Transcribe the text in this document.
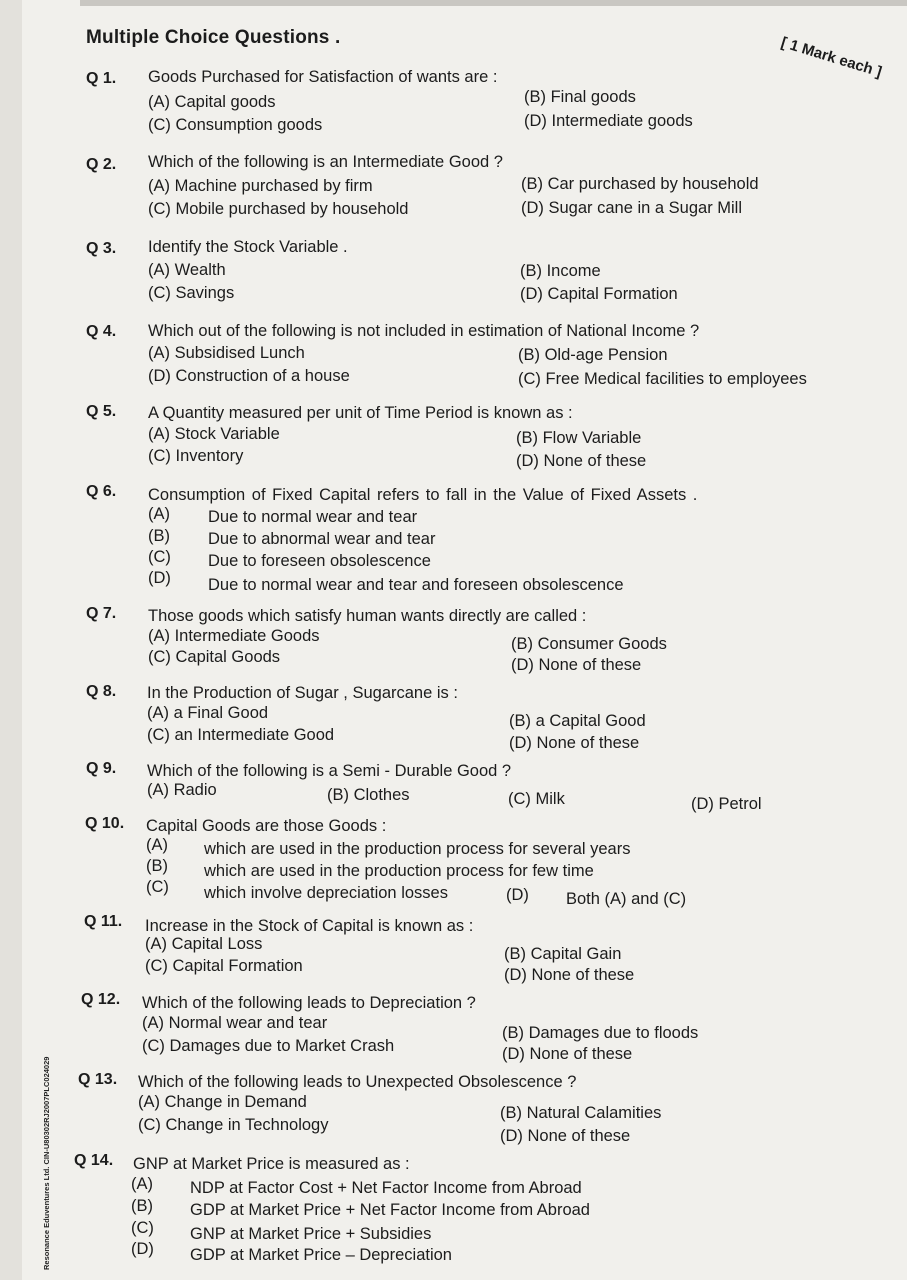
Multiple Choice Questions .	[ 1 Mark each ]
Q 1. Goods Purchased for Satisfaction of wants are :
(A) Capital goods	(B) Final goods
(C) Consumption goods	(D) Intermediate goods
Q 2. Which of the following is an Intermediate Good ?
(A) Machine purchased by firm	(B) Car purchased by household
(C) Mobile purchased by household	(D) Sugar cane in a Sugar Mill
Q 3. Identify the Stock Variable .
(A) Wealth	(B) Income
(C) Savings	(D) Capital Formation
Q 4. Which out of the following is not included in estimation of National Income ?
(A) Subsidised Lunch	(B) Old-age Pension
(D) Construction of a house	(C) Free Medical facilities to employees
Q 5. A Quantity measured per unit of Time Period is known as :
(A) Stock Variable	(B) Flow Variable
(C) Inventory	(D) None of these
Q 6. Consumption of Fixed Capital refers to fall in the Value of Fixed Assets .
(A) Due to normal wear and tear
(B) Due to abnormal wear and tear
(C) Due to foreseen obsolescence
(D) Due to normal wear and tear and foreseen obsolescence
Q 7. Those goods which satisfy human wants directly are called :
(A) Intermediate Goods	(B) Consumer Goods
(C) Capital Goods	(D) None of these
Q 8. In the Production of Sugar , Sugarcane is :
(A) a Final Good	(B) a Capital Good
(C) an Intermediate Good	(D) None of these
Q 9. Which of the following is a Semi - Durable Good ?
(A) Radio	(B) Clothes	(C) Milk	(D) Petrol
Q 10. Capital Goods are those Goods :
(A) which are used in the production process for several years
(B) which are used in the production process for few time
(C) which involve depreciation losses	(D) Both (A) and (C)
Q 11. Increase in the Stock of Capital is known as :
(A) Capital Loss
(B) Capital Gain
(C) Capital Formation	(D) None of these
Q 12. Which of the following leads to Depreciation ?
(A) Normal wear and tear
(B) Damages due to floods
(C) Damages due to Market Crash	(D) None of these
Q 13. Which of the following leads to Unexpected Obsolescence ?
(A) Change in Demand
(B) Natural Calamities
(C) Change in Technology
(D) None of these
Q 14. GNP at Market Price is measured as :
(A) NDP at Factor Cost + Net Factor Income from Abroad
(B) GDP at Market Price + Net Factor Income from Abroad
(C) GNP at Market Price + Subsidies
(D) GDP at Market Price – Depreciation
Resonance Eduventures Ltd. CIN-U80302RJ2007PLC024029
